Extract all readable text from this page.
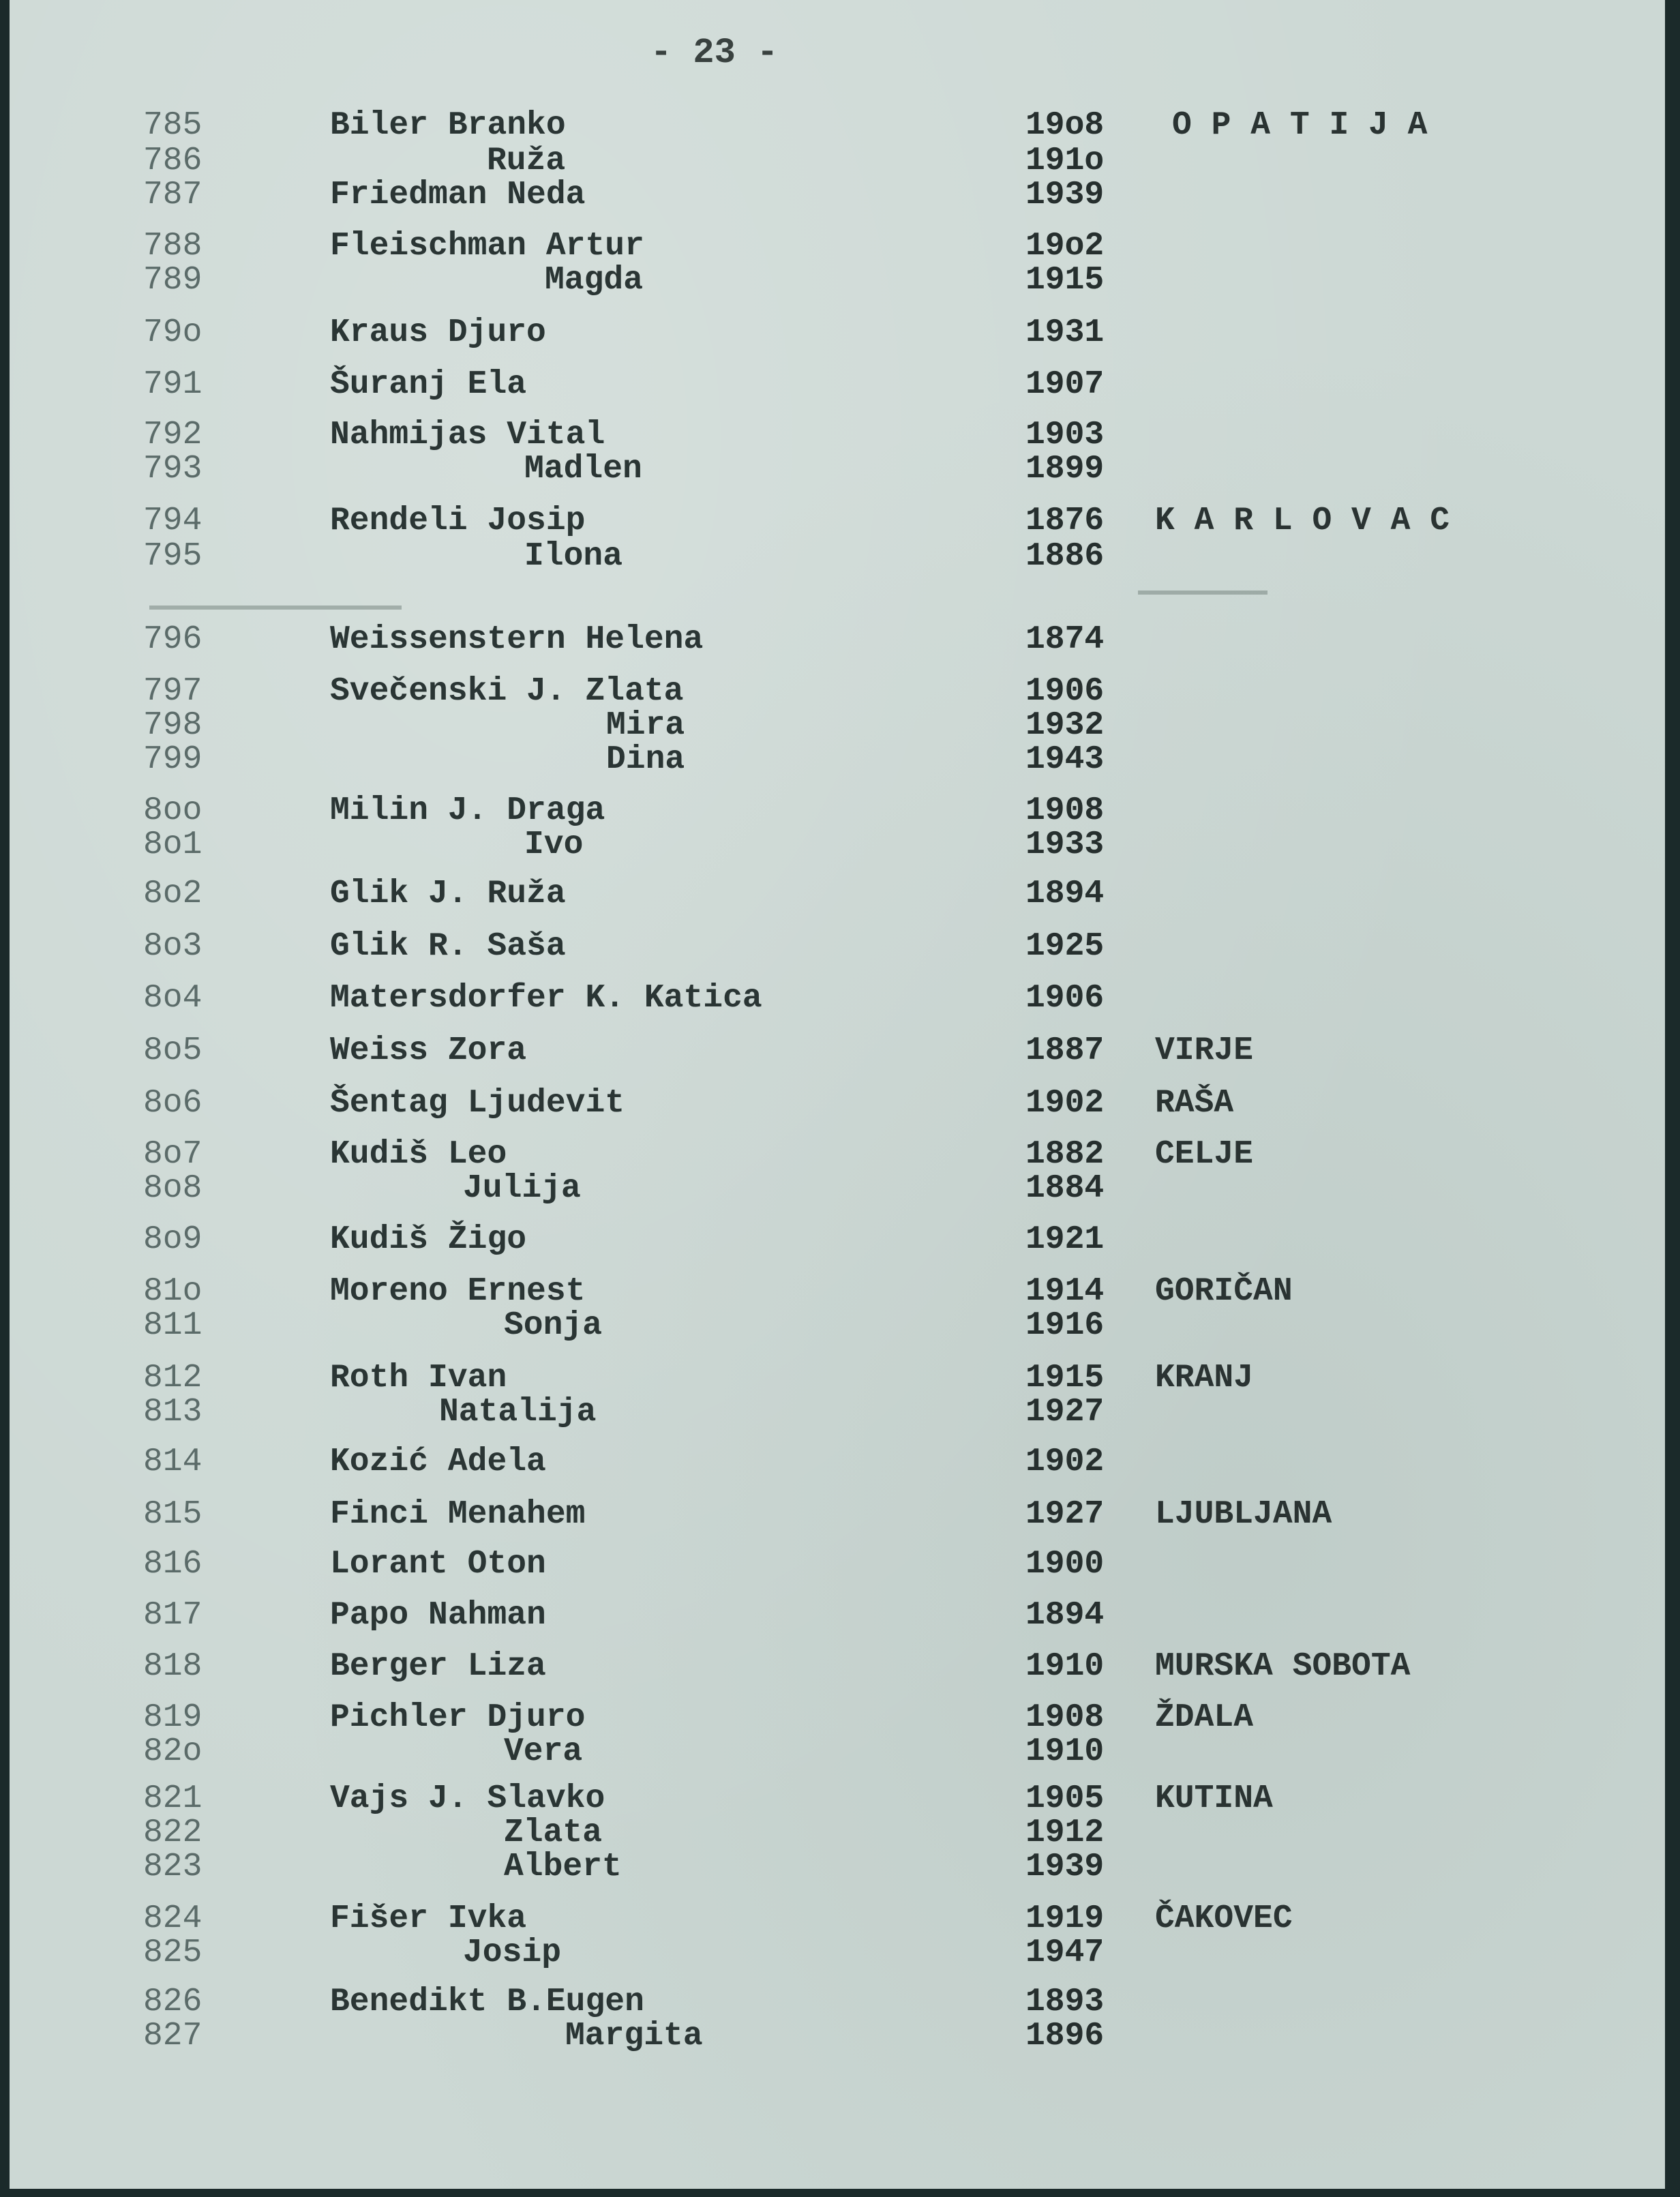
- 23 -
785	Biler Branko	19o8 O P A T I J A
786	Ruža	191o
787	Friedman Neda	1939
788	Fleischman Artur	19o2
789	Magda	1915
79o	Kraus Djuro	1931
791	Šuranj Ela	1907
792	Nahmijas Vital	1903
793	Madlen	1899
794	Rendeli Josip	1876 K A R L O V A C
795	Ilona	1886
796	Weissenstern Helena	1874
797	Svečenski J. Zlata	1906
798	Mira	1932
799	Dina	1943
8oo	Milin J. Draga	1908
8o1	Ivo	1933
8o2	Glik J. Ruža	1894
8o3	Glik R. Saša	1925
8o4	Matersdorfer K. Katica	1906
8o5	Weiss Zora	1887 VIRJE
8o6	Šentag Ljudevit	1902 RAŠA
8o7	Kudiš Leo	1882 CELJE
8o8	Julija	1884
8o9	Kudiš Žigo	1921
81o	Moreno Ernest	1914 GORIČAN
811	Sonja	1916
812	Roth Ivan	1915 KRANJ
813	Natalija	1927
814	Kozić Adela	1902
815	Finci Menahem	1927 LJUBLJANA
816	Lorant Oton	1900
817	Papo Nahman	1894
818	Berger Liza	1910 MURSKA SOBOTA
819	Pichler Djuro	1908 ŽDALA
82o	Vera	1910
821	Vajs J. Slavko	1905 KUTINA
822	Zlata	1912
823	Albert	1939
824	Fišer Ivka	1919 ČAKOVEC
825	Josip	1947
826	Benedikt B.Eugen	1893
827	Margita	1896
